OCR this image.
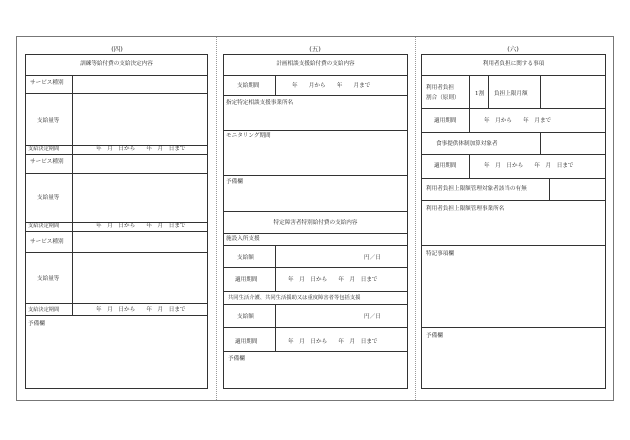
(四)	(五)	(六)
訓練等給付費の支給決定内容
サービス種別
支給量等
支給決定期間	年　月　日から　　年　月　日まで
サービス種別
支給量等
支給決定期間	年　月　日から　　年　月　日まで
サービス種別
支給量等
支給決定期間	年　月　日から　　年　月　日まで
予備欄
計画相談支援給付費の支給内容
支給期間	年　　月から　　年　　月まで
指定特定相談支援事業所名
モニタリング期間
予備欄
特定障害者特別給付費の支給内容
施設入所支援
支給額	円／日
適用期間	年　月　日から　　年　月　日まで
共同生活介護、共同生活援助又は重度障害者等包括支援
支給額	円／日
適用期間	年　月　日から　　年　月　日まで
予備欄
利用者負担に関する事項
利用者負担
割合（原則）
1割 負担上限月額
適用期間	年　月から　　年　月まで
食事提供体制加算対象者
適用期間	年　月　日から　　年　月　日まで
利用者負担上限額管理対象者該当の有無
利用者負担上限額管理事業所名
特記事項欄
予備欄
